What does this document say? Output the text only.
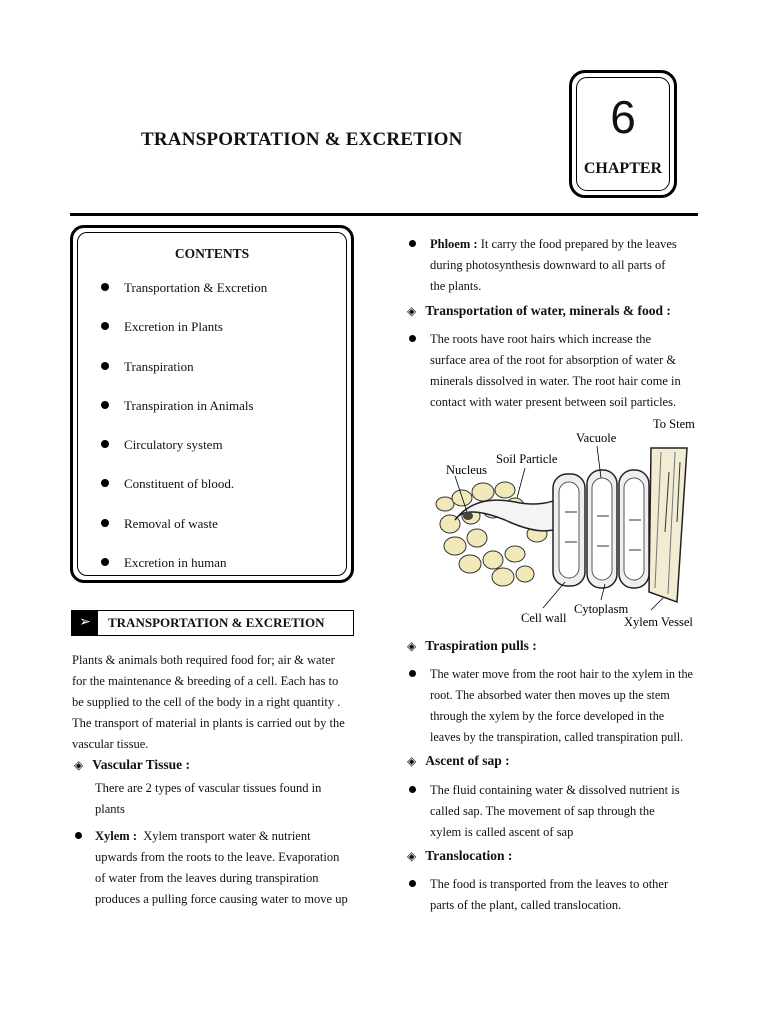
TRANSPORTATION & EXCRETION	6
CHAPTER
CONTENTS
Transportation & Excretion
Excretion in Plants
Transpiration
Transpiration in Animals
Circulatory system
Constituent of blood.
Removal of waste
Excretion in human
➢	TRANSPORTATION & EXCRETION
Plants & animals both required food for; air & water
for the maintenance & breeding of a cell. Each has to
be supplied to the cell of the body in a right quantity .
The transport of material in plants is carried out by the
vascular tissue.
◈ Vascular Tissue :
There are 2 types of vascular tissues found in
plants
Xylem : Xylem transport water & nutrient
upwards from the roots to the leave. Evaporation
of water from the leaves during transpiration
produces a pulling force causing water to move up
Phloem : It carry the food prepared by the leaves
during photosynthesis downward to all parts of
the plants.
◈ Transportation of water, minerals & food :
The roots have root hairs which increase the
surface area of the root for absorption of water &
minerals dissolved in water. The root hair come in
contact with water present between soil particles.
To Stem
Vacuole
Soil Particle
Nucleus
Cell wall
Cytoplasm
Xylem Vessel
◈ Traspiration pulls :
The water move from the root hair to the xylem in the
root. The absorbed water then moves up the stem
through the xylem by the force developed in the
leaves by the transpiration, called transpiration pull.
◈ Ascent of sap :
The fluid containing water & dissolved nutrient is
called sap. The movement of sap through the
xylem is called ascent of sap
◈ Translocation :
The food is transported from the leaves to other
parts of the plant, called translocation.
